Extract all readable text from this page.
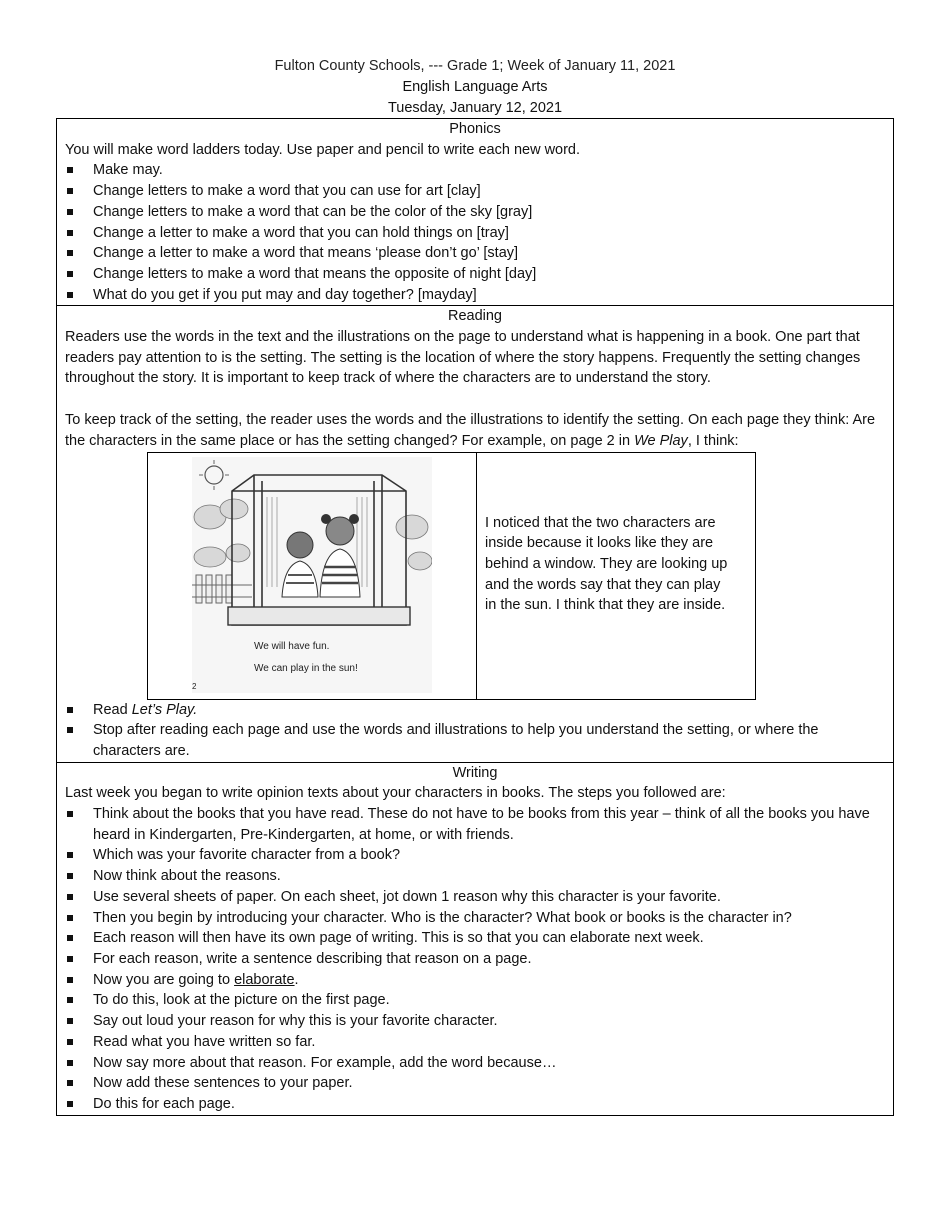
Fulton County Schools, --- Grade 1; Week of January 11, 2021
English Language Arts
Tuesday, January 12, 2021
Phonics

You will make word ladders today. Use paper and pencil to write each new word.

Make may.
Change letters to make a word that you can use for art [clay]
Change letters to make a word that can be the color of the sky [gray]
Change a letter to make a word that you can hold things on [tray]
Change a letter to make a word that means ‘please don’t go’ [stay]
Change letters to make a word that means the opposite of night [day]
What do you get if you put may and day together? [mayday]
Reading

Readers use the words in the text and the illustrations on the page to understand what is happening in a book. One part that readers pay attention to is the setting. The setting is the location of where the story happens. Frequently the setting changes throughout the story. It is important to keep track of where the characters are to understand the story.

To keep track of the setting, the reader uses the words and the illustrations to identify the setting. On each page they think: Are the characters in the same place or has the setting changed? For example, on page 2 in We Play, I think:

We will have fun.
We can play in the sun!
2
I noticed that the two characters are inside because it looks like they are behind a window. They are looking up and the words say that they can play in the sun. I think that they are inside.
Read Let’s Play.
Stop after reading each page and use the words and illustrations to help you understand the setting, or where the characters are.
Writing

Last week you began to write opinion texts about your characters in books. The steps you followed are:

Think about the books that you have read. These do not have to be books from this year – think of all the books you have heard in Kindergarten, Pre-Kindergarten, at home, or with friends.
Which was your favorite character from a book?
Now think about the reasons.
Use several sheets of paper. On each sheet, jot down 1 reason why this character is your favorite.
Then you begin by introducing your character. Who is the character? What book or books is the character in?
Each reason will then have its own page of writing. This is so that you can elaborate next week.
For each reason, write a sentence describing that reason on a page.
Now you are going to elaborate.
To do this, look at the picture on the first page.
Say out loud your reason for why this is your favorite character.
Read what you have written so far.
Now say more about that reason. For example, add the word because…
Now add these sentences to your paper.
Do this for each page.
